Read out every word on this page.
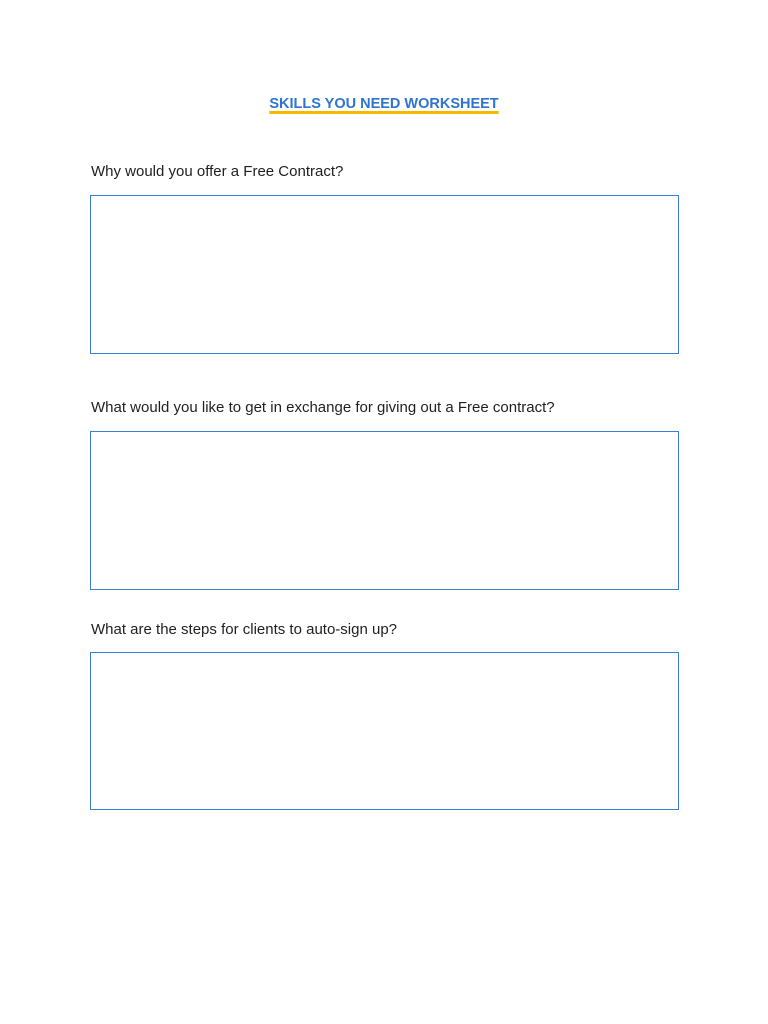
SKILLS YOU NEED WORKSHEET
Why would you offer a Free Contract?
What would you like to get in exchange for giving out a Free contract?
What are the steps for clients to auto-sign up?
